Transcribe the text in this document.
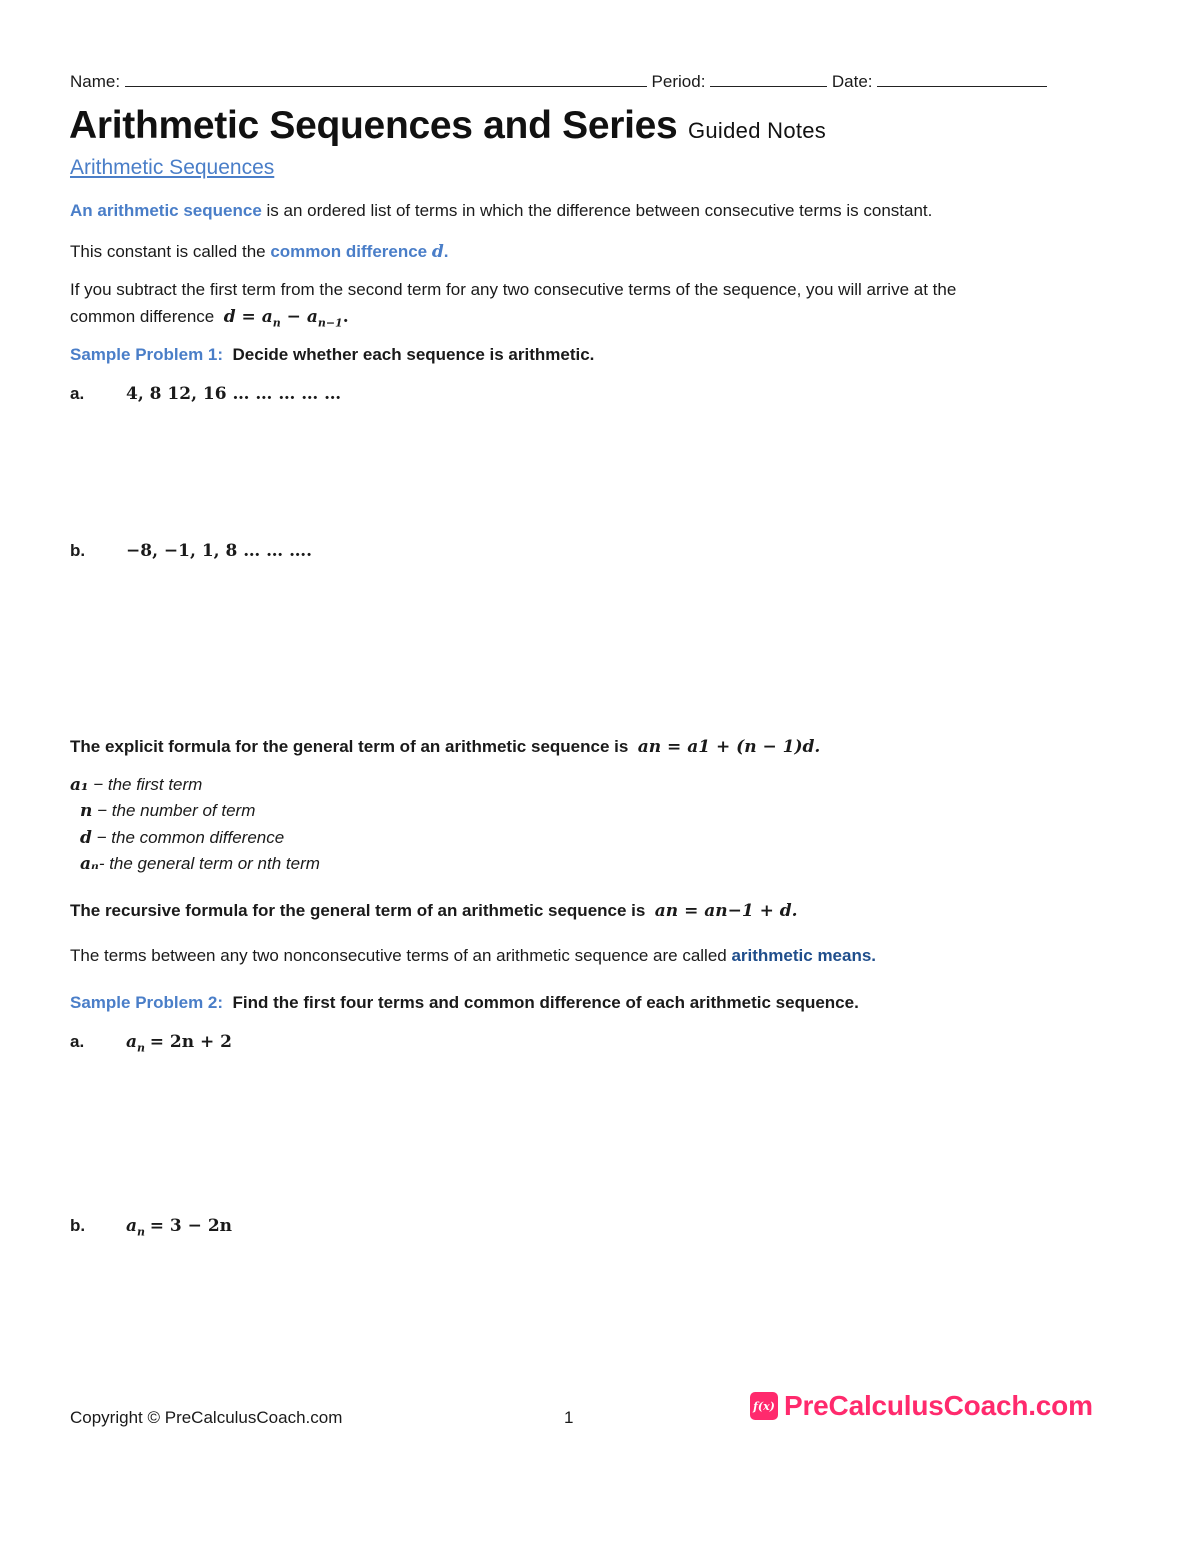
Name:	Period:	Date:
Arithmetic Sequences and Series Guided Notes
Arithmetic Sequences
An arithmetic sequence is an ordered list of terms in which the difference between consecutive terms is constant.
This constant is called the common difference d.
If you subtract the first term from the second term for any two consecutive terms of the sequence, you will arrive at the
common difference $d = a_n - a_{n-1}$.
Sample Problem 1: Decide whether each sequence is arithmetic.
a. 4, 8 12, 16 … … … … …
b. −8, −1, 1, 8 … … ….
The explicit formula for the general term of an arithmetic sequence is an = a1 + (n − 1)d.
a₁ − the first term
n − the number of term
d − the common difference
aₙ- the general term or nth term
The recursive formula for the general term of an arithmetic sequence is an = an−1 + d.
The terms between any two nonconsecutive terms of an arithmetic sequence are called arithmetic means.
Sample Problem 2: Find the first four terms and common difference of each arithmetic sequence.
a. $a_n = 2n + 2$
b. $a_n = 3 - 2n$
Copyright © PreCalculusCoach.com	1
f(x) PreCalculusCoach.com
